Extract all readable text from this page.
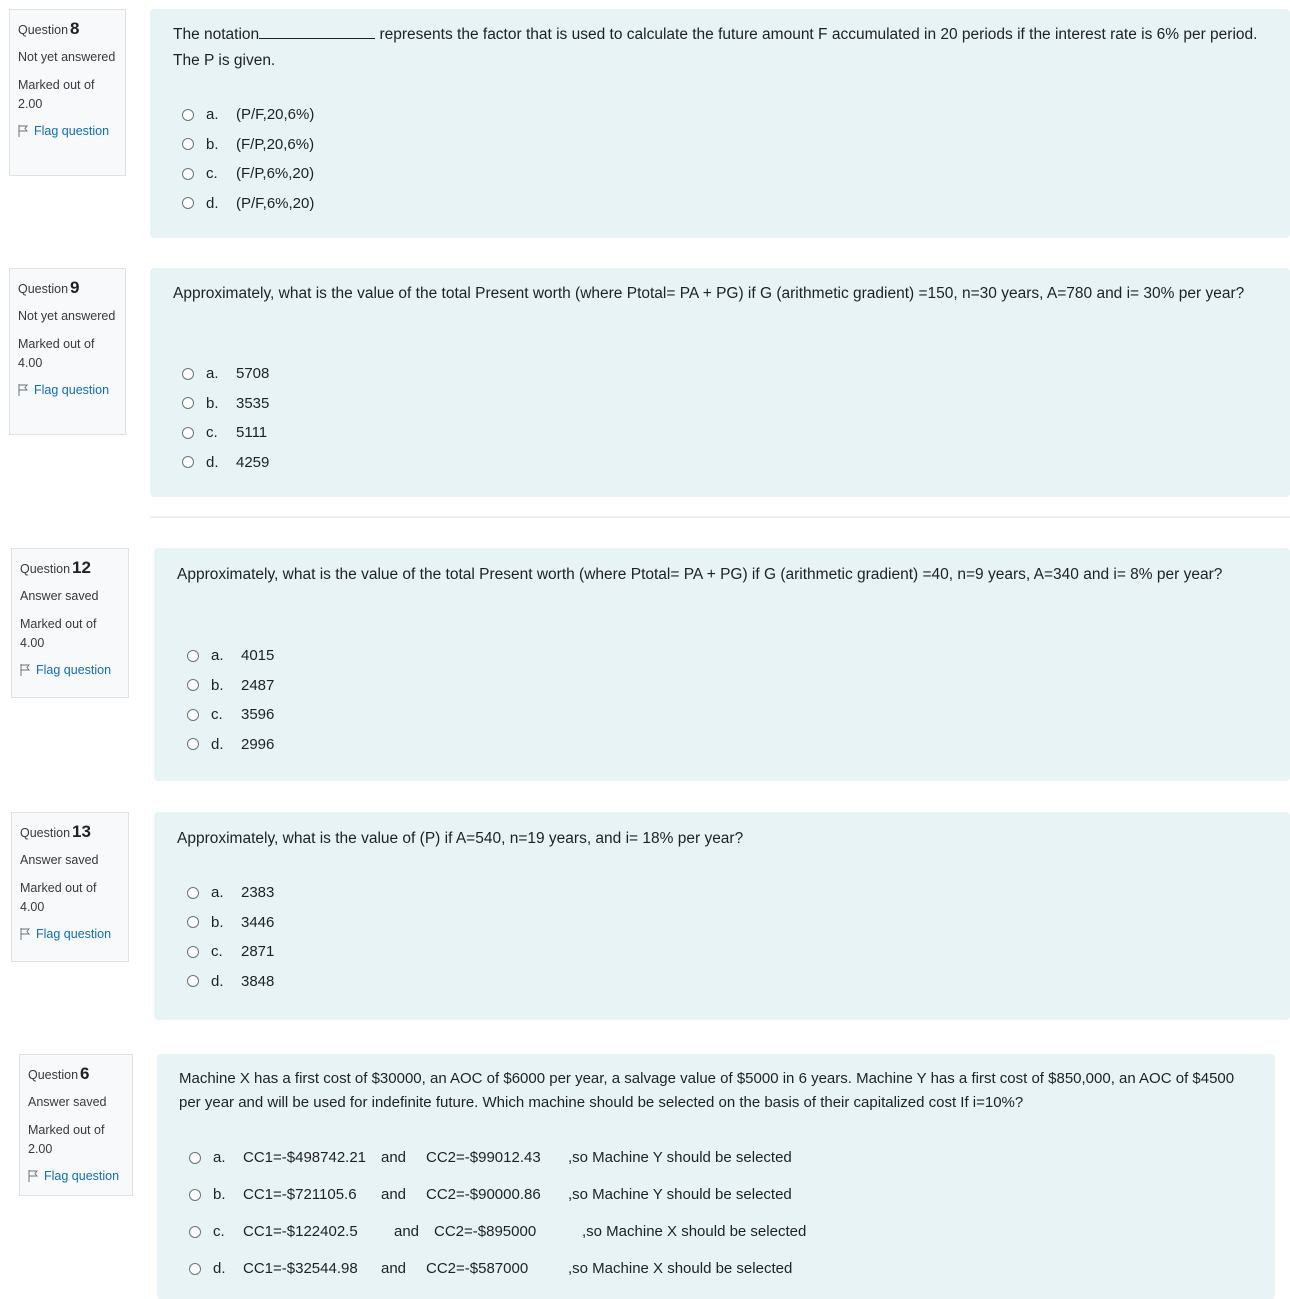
Question 8
Not yet answered
Marked out of 2.00
Flag question
The notation	represents the factor that is used to calculate the future amount F accumulated in 20 periods if the interest rate is 6% per period. The P is given.
a.	(P/F,20,6%)
b.	(F/P,20,6%)
c.	(F/P,6%,20)
d.	(P/F,6%,20)
Question 9
Not yet answered
Marked out of 4.00
Flag question
Approximately, what is the value of the total Present worth (where Ptotal= PA + PG) if G (arithmetic gradient) =150, n=30 years, A=780 and i= 30% per year?
a.	5708
b.	3535
c.	5111
d.	4259
Question 12
Answer saved
Marked out of 4.00
Flag question
Approximately, what is the value of the total Present worth (where Ptotal= PA + PG) if G (arithmetic gradient) =40, n=9 years, A=340 and i= 8% per year?
a.	4015
b.	2487
c.	3596
d.	2996
Question 13
Answer saved
Marked out of 4.00
Flag question
Approximately, what is the value of (P) if A=540, n=19 years, and i= 18% per year?
a.	2383
b.	3446
c.	2871
d.	3848
Question 6
Answer saved
Marked out of 2.00
Flag question
Machine X has a first cost of $30000, an AOC of $6000 per year, a salvage value of $5000 in 6 years. Machine Y has a first cost of $850,000, an AOC of $4500 per year and will be used for indefinite future. Which machine should be selected on the basis of their capitalized cost If i=10%?
a.	CC1=-$498742.21 and	CC2=-$99012.43	,so Machine Y should be selected
b.	CC1=-$721105.6	and	CC2=-$90000.86	,so Machine Y should be selected
c.	CC1=-$122402.5	and CC2=-$895000	,so Machine X should be selected
d.	CC1=-$32544.98	and	CC2=-$587000	,so Machine X should be selected
